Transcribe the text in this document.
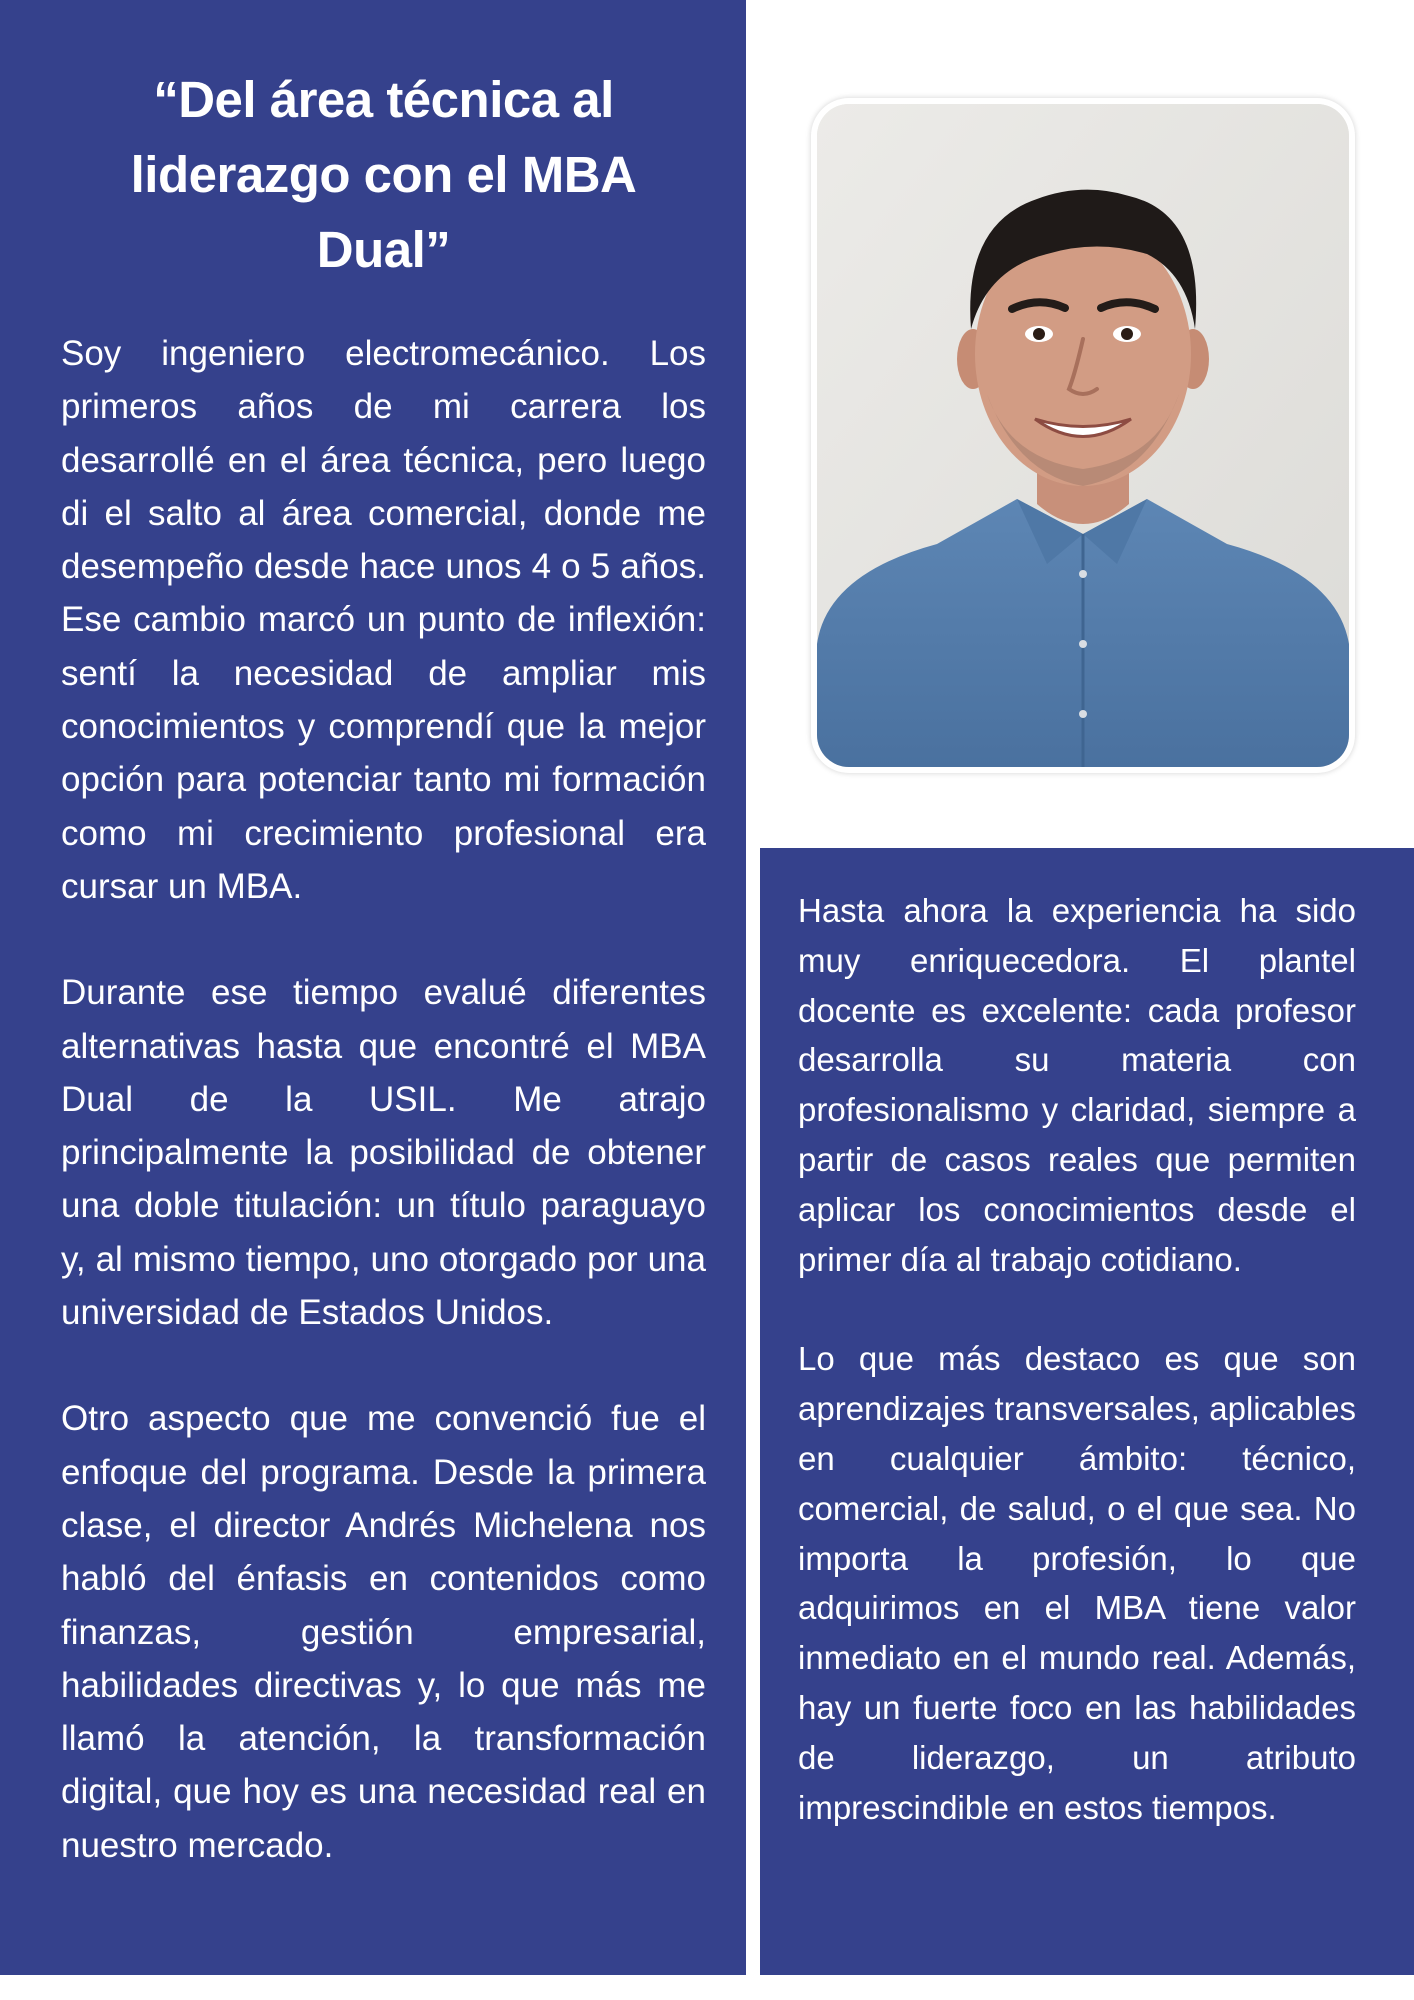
“Del área técnica al
liderazgo con el MBA Dual”

Soy ingeniero electromecánico. Los primeros años de mi carrera los desarrollé en el área técnica, pero luego di el salto al área comercial, donde me desempeño desde hace unos 4 o 5 años. Ese cambio marcó un punto de inflexión: sentí la necesidad de ampliar mis conocimientos y comprendí que la mejor opción para potenciar tanto mi formación como mi crecimiento profesional era cursar un MBA.

Durante ese tiempo evalué diferentes alternativas hasta que encontré el MBA Dual de la USIL. Me atrajo principalmente la posibilidad de obtener una doble titulación: un título paraguayo y, al mismo tiempo, uno otorgado por una universidad de Estados Unidos.

Otro aspecto que me convenció fue el enfoque del programa. Desde la primera clase, el director Andrés Michelena nos habló del énfasis en contenidos como finanzas, gestión empresarial, habilidades directivas y, lo que más me llamó la atención, la transformación digital, que hoy es una necesidad real en nuestro mercado.

Hasta ahora la experiencia ha sido muy enriquecedora. El plantel docente es excelente: cada profesor desarrolla su materia con profesionalismo y claridad, siempre a partir de casos reales que permiten aplicar los conocimientos desde el primer día al trabajo cotidiano.

Lo que más destaco es que son aprendizajes transversales, aplicables en cualquier ámbito: técnico, comercial, de salud, o el que sea. No importa la profesión, lo que adquirimos en el MBA tiene valor inmediato en el mundo real. Además, hay un fuerte foco en las habilidades de liderazgo, un atributo imprescindible en estos tiempos.
